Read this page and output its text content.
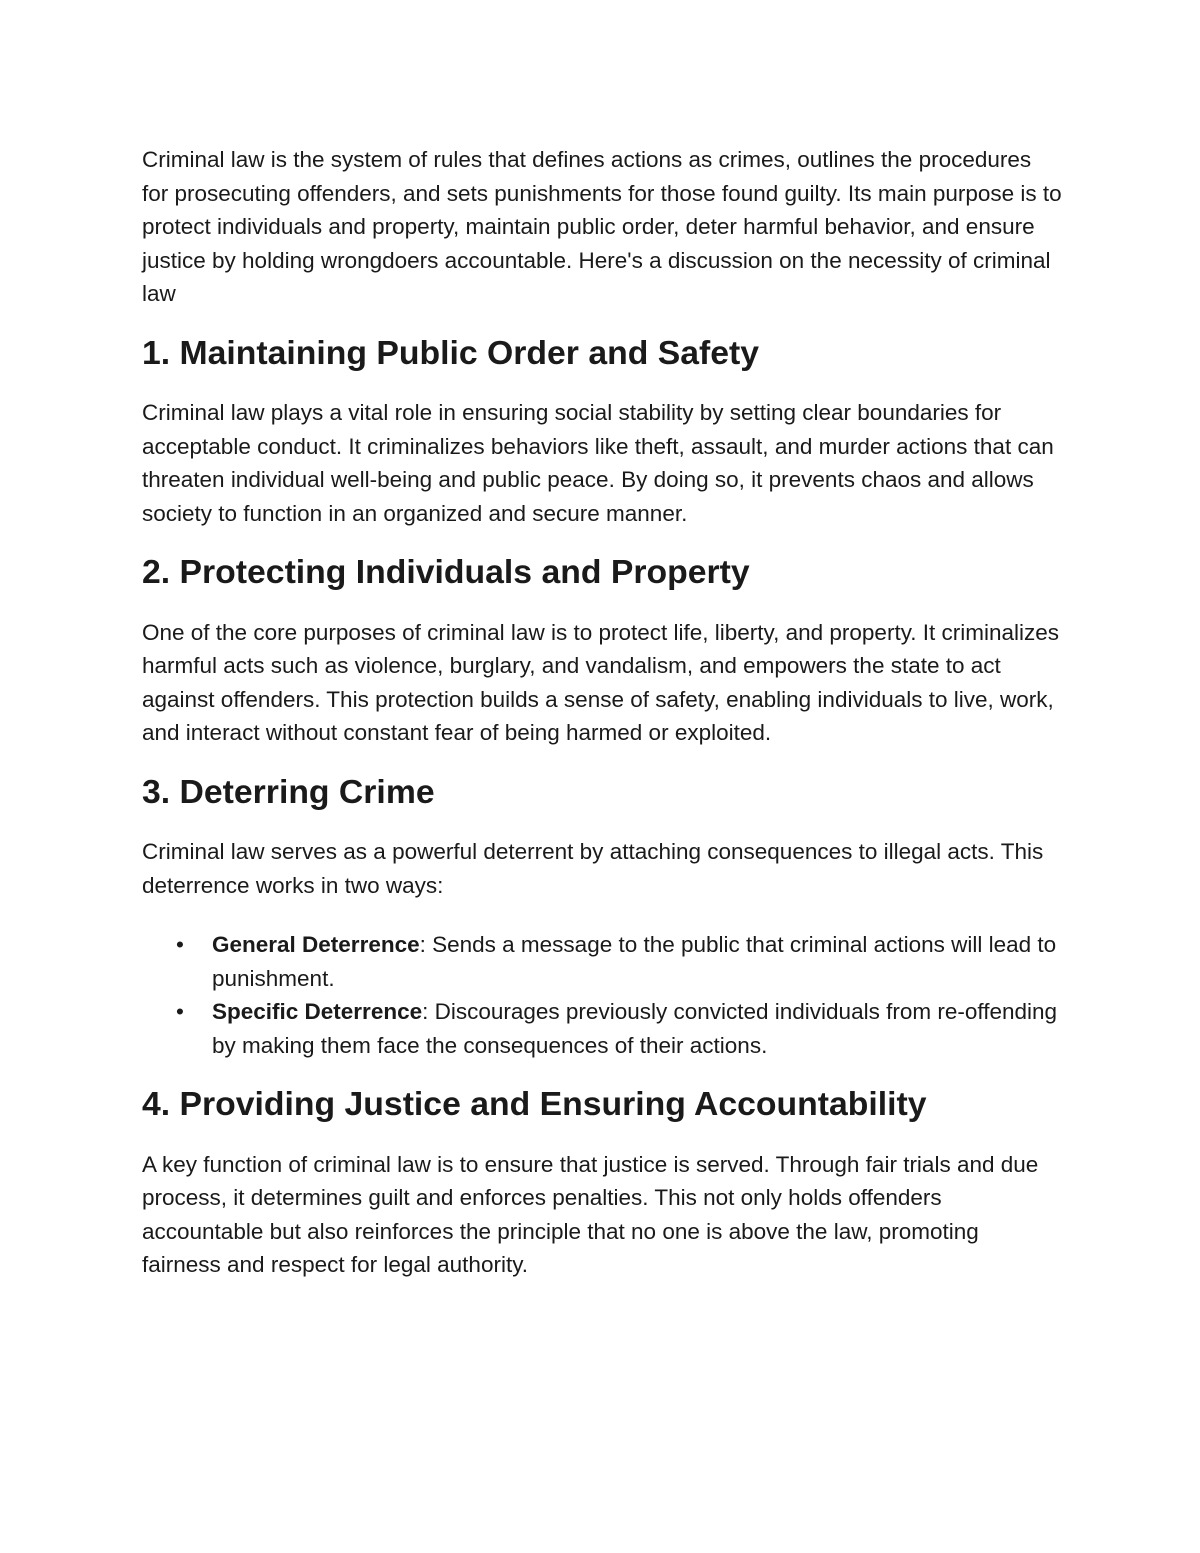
Criminal law is the system of rules that defines actions as crimes, outlines the procedures for prosecuting offenders, and sets punishments for those found guilty. Its main purpose is to protect individuals and property, maintain public order, deter harmful behavior, and ensure justice by holding wrongdoers accountable. Here's a discussion on the necessity of criminal law

1. Maintaining Public Order and Safety

Criminal law plays a vital role in ensuring social stability by setting clear boundaries for acceptable conduct. It criminalizes behaviors like theft, assault, and murder actions that can threaten individual well-being and public peace. By doing so, it prevents chaos and allows society to function in an organized and secure manner.

2. Protecting Individuals and Property

One of the core purposes of criminal law is to protect life, liberty, and property. It criminalizes harmful acts such as violence, burglary, and vandalism, and empowers the state to act against offenders. This protection builds a sense of safety, enabling individuals to live, work, and interact without constant fear of being harmed or exploited.

3. Deterring Crime

Criminal law serves as a powerful deterrent by attaching consequences to illegal acts. This deterrence works in two ways:

• General Deterrence: Sends a message to the public that criminal actions will lead to punishment.
• Specific Deterrence: Discourages previously convicted individuals from re-offending by making them face the consequences of their actions.
4. Providing Justice and Ensuring Accountability

A key function of criminal law is to ensure that justice is served. Through fair trials and due process, it determines guilt and enforces penalties. This not only holds offenders accountable but also reinforces the principle that no one is above the law, promoting fairness and respect for legal authority.
